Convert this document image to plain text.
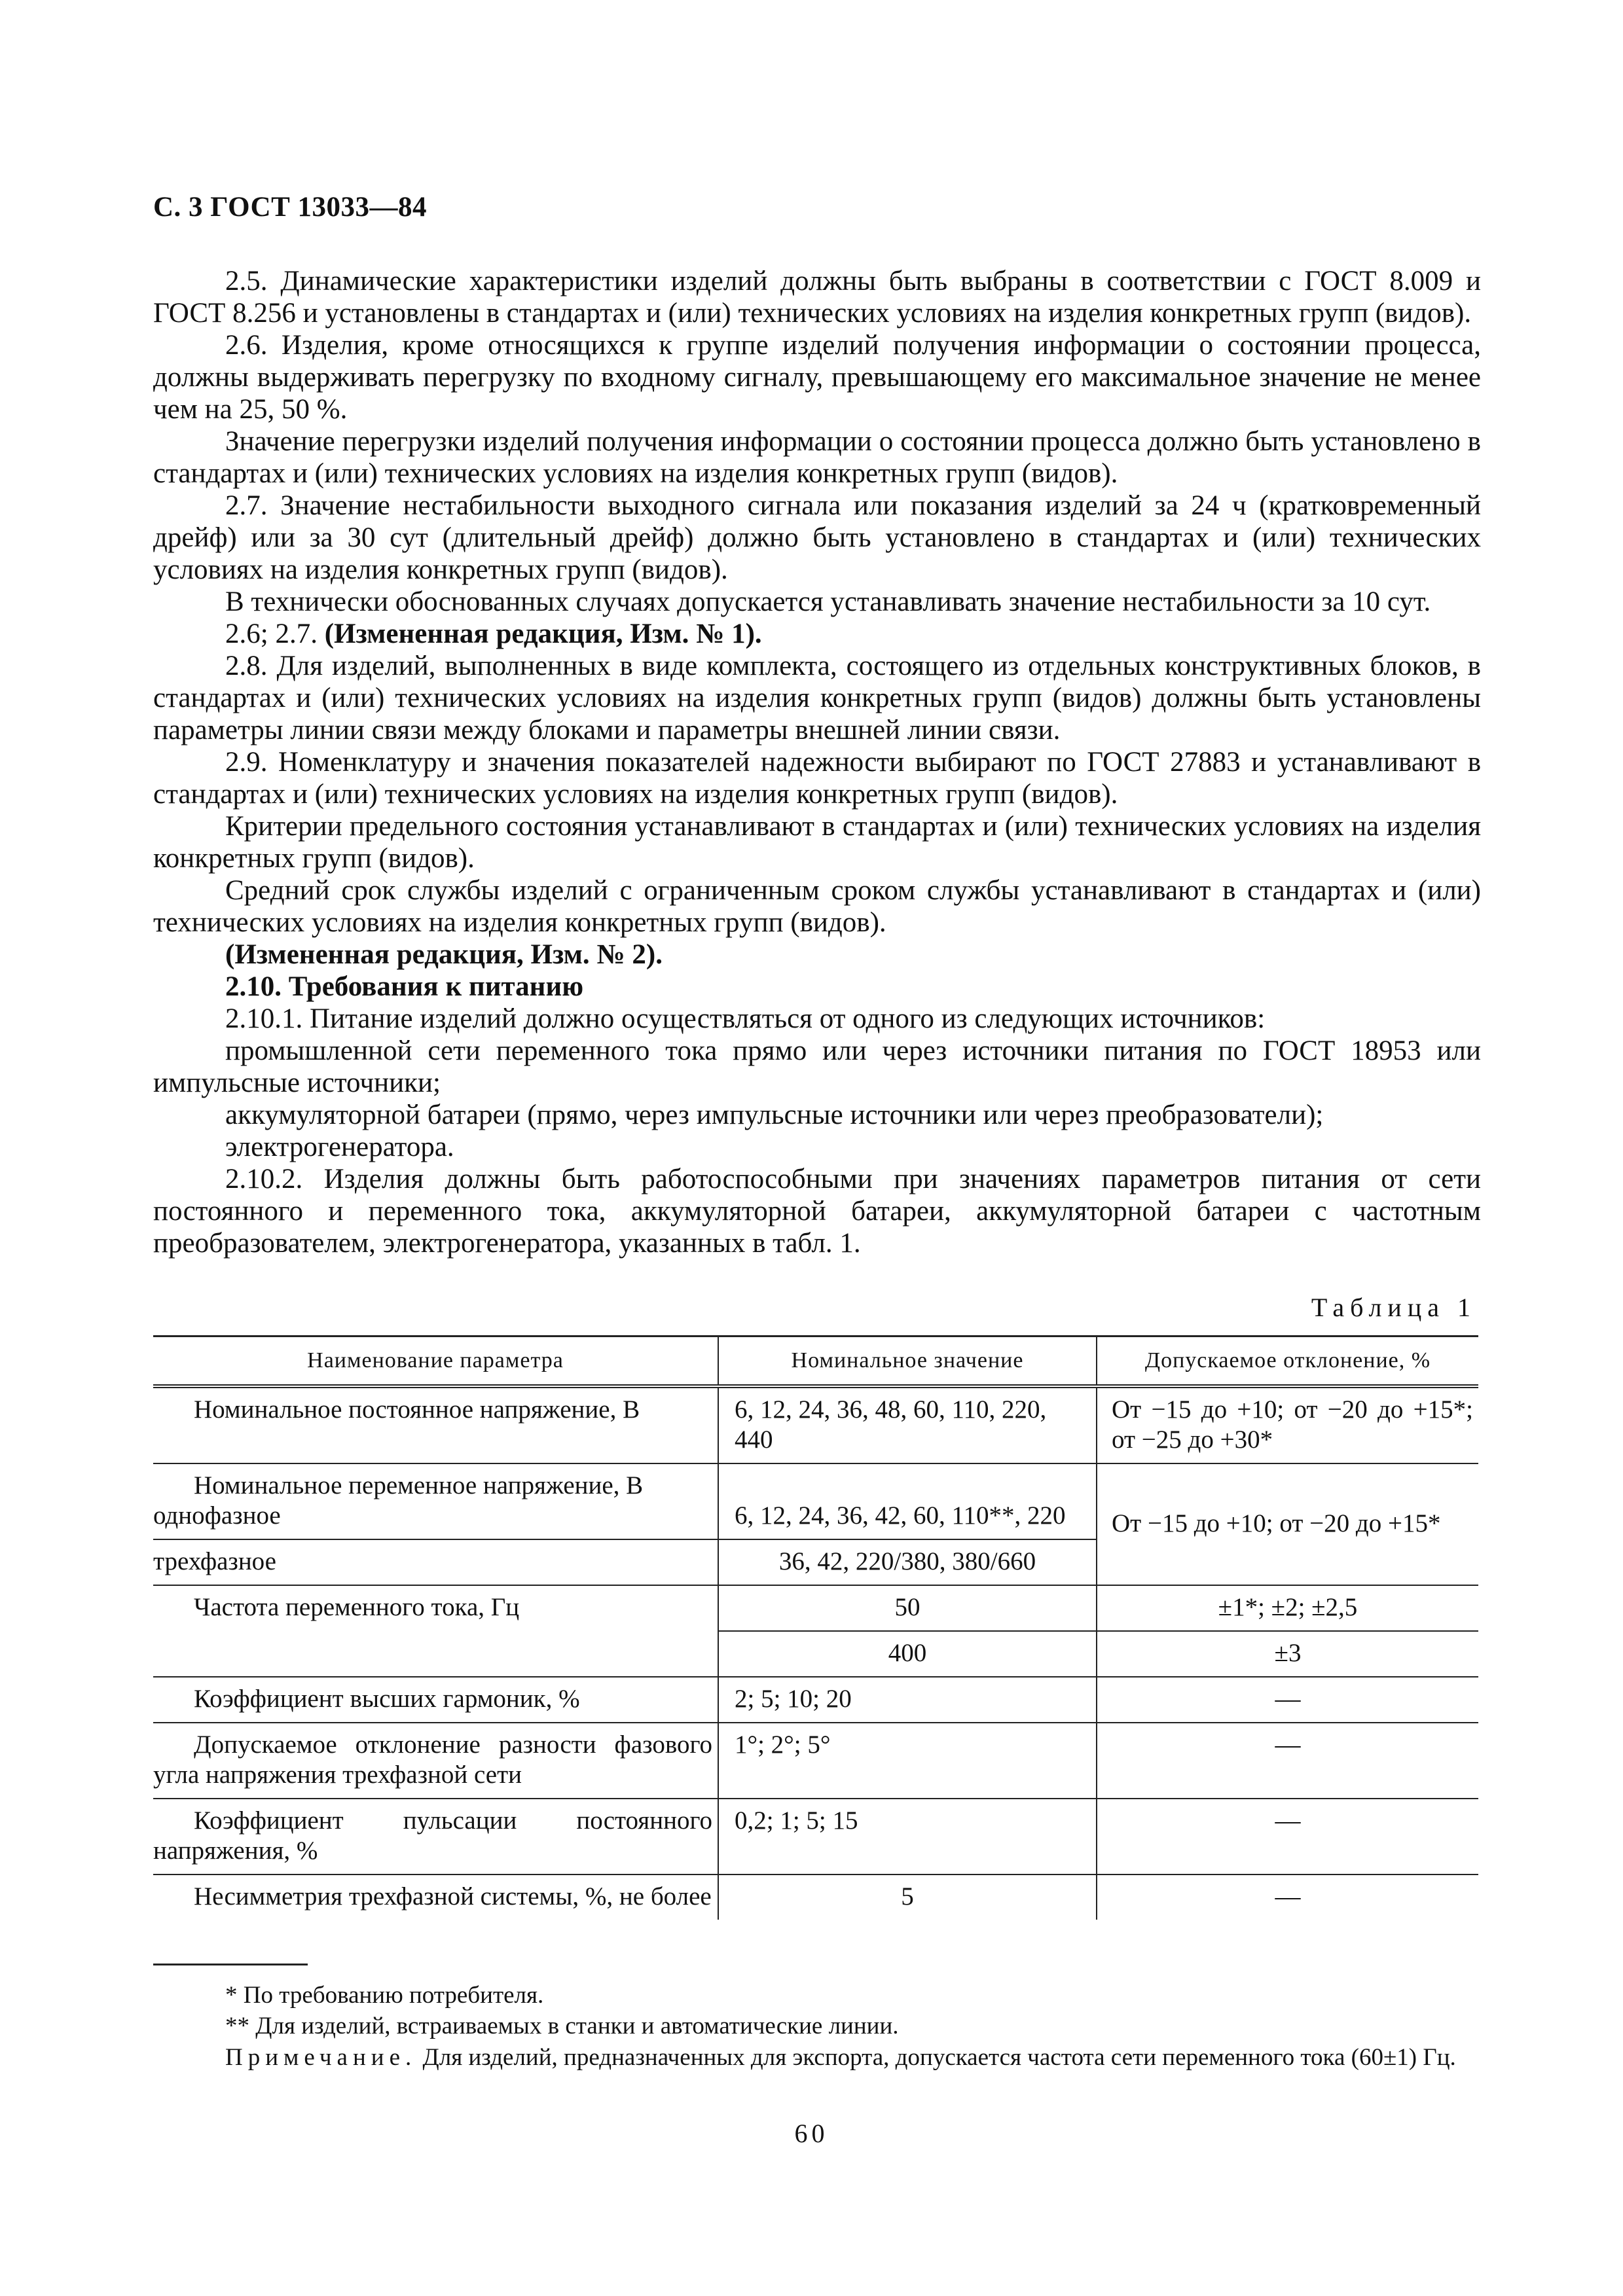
С. 3 ГОСТ 13033—84

2.5. Динамические характеристики изделий должны быть выбраны в соответствии с ГОСТ 8.009 и ГОСТ 8.256 и установлены в стандартах и (или) технических условиях на изделия конкретных групп (видов).

2.6. Изделия, кроме относящихся к группе изделий получения информации о состоянии процесса, должны выдерживать перегрузку по входному сигналу, превышающему его максимальное значение не менее чем на 25, 50 %.

Значение перегрузки изделий получения информации о состоянии процесса должно быть установлено в стандартах и (или) технических условиях на изделия конкретных групп (видов).

2.7. Значение нестабильности выходного сигнала или показания изделий за 24 ч (кратковременный дрейф) или за 30 сут (длительный дрейф) должно быть установлено в стандартах и (или) технических условиях на изделия конкретных групп (видов).

В технически обоснованных случаях допускается устанавливать значение нестабильности за 10 сут.

2.6; 2.7. (Измененная редакция, Изм. № 1).

2.8. Для изделий, выполненных в виде комплекта, состоящего из отдельных конструктивных блоков, в стандартах и (или) технических условиях на изделия конкретных групп (видов) должны быть установлены параметры линии связи между блоками и параметры внешней линии связи.

2.9. Номенклатуру и значения показателей надежности выбирают по ГОСТ 27883 и устанавливают в стандартах и (или) технических условиях на изделия конкретных групп (видов).

Критерии предельного состояния устанавливают в стандартах и (или) технических условиях на изделия конкретных групп (видов).

Средний срок службы изделий с ограниченным сроком службы устанавливают в стандартах и (или) технических условиях на изделия конкретных групп (видов).

(Измененная редакция, Изм. № 2).

2.10. Требования к питанию

2.10.1. Питание изделий должно осуществляться от одного из следующих источников:

промышленной сети переменного тока прямо или через источники питания по ГОСТ 18953 или импульсные источники;

аккумуляторной батареи (прямо, через импульсные источники или через преобразователи);

электрогенератора.

2.10.2. Изделия должны быть работоспособными при значениях параметров питания от сети постоянного и переменного тока, аккумуляторной батареи, аккумуляторной батареи с частотным преобразователем, электрогенератора, указанных в табл. 1.

Таблица 1
Наименование параметра	Номинальное значение	Допускаемое отклонение, %
Номинальное постоянное напряжение, В	6, 12, 24, 36, 48, 60, 110, 220, 440	От −15 до +10; от −20 до +15*; от −25 до +30*
Номинальное переменное напряжение, В
однофазное	6, 12, 24, 36, 42, 60, 110**, 220	От −15 до +10; от −20 до +15*
трехфазное	36, 42, 220/380, 380/660	
Частота переменного тока, Гц	50	±1*; ±2; ±2,5
	400	±3
Коэффициент высших гармоник, %	2; 5; 10; 20	—
Допускаемое отклонение разности фазового угла напряжения трехфазной сети	1°; 2°; 5°	—
Коэффициент пульсации постоянного напряжения, %	0,2; 1; 5; 15	—
Несимметрия трехфазной системы, %, не более	5	—

* По требованию потребителя.

** Для изделий, встраиваемых в станки и автоматические линии.

Примечание. Для изделий, предназначенных для экспорта, допускается частота сети переменного тока (60±1) Гц.
60
